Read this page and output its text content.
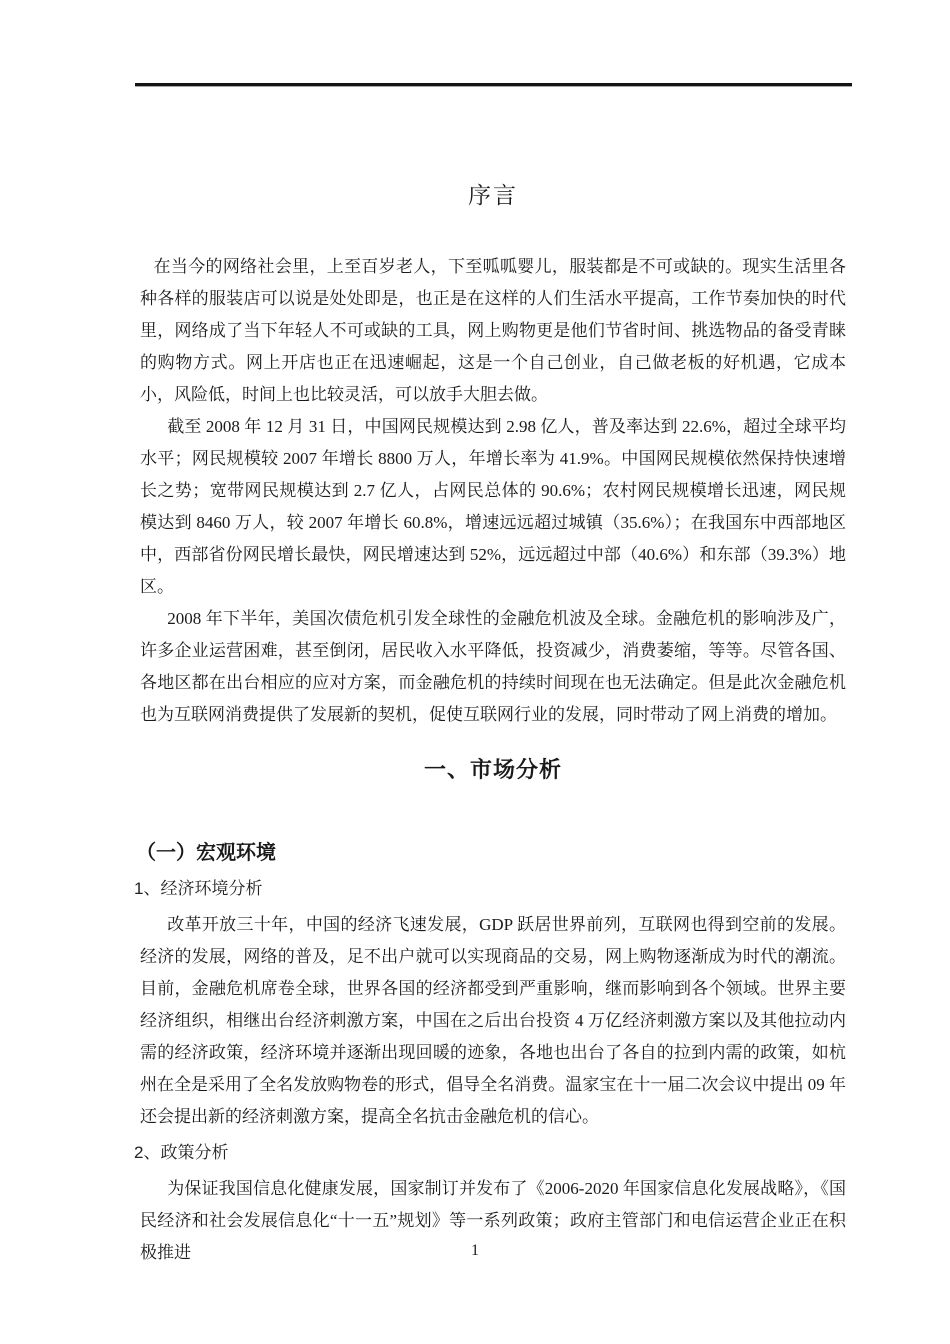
序言

在当今的网络社会里，上至百岁老人，下至呱呱婴儿，服装都是不可或缺的。现实生活里各种各样的服装店可以说是处处即是，也正是在这样的人们生活水平提高，工作节奏加快的时代里，网络成了当下年轻人不可或缺的工具，网上购物更是他们节省时间、挑选物品的备受青睐的购物方式。网上开店也正在迅速崛起，这是一个自己创业，自己做老板的好机遇，它成本小，风险低，时间上也比较灵活，可以放手大胆去做。

截至 2008 年 12 月 31 日，中国网民规模达到 2.98 亿人，普及率达到 22.6%，超过全球平均水平；网民规模较 2007 年增长 8800 万人，年增长率为 41.9%。中国网民规模依然保持快速增长之势；宽带网民规模达到 2.7 亿人，占网民总体的 90.6%；农村网民规模增长迅速，网民规模达到 8460 万人，较 2007 年增长 60.8%，增速远远超过城镇（35.6%）；在我国东中西部地区中，西部省份网民增长最快，网民增速达到 52%，远远超过中部（40.6%）和东部（39.3%）地区。

2008 年下半年，美国次债危机引发全球性的金融危机波及全球。金融危机的影响涉及广，许多企业运营困难，甚至倒闭，居民收入水平降低，投资减少，消费萎缩，等等。尽管各国、各地区都在出台相应的应对方案，而金融危机的持续时间现在也无法确定。但是此次金融危机也为互联网消费提供了发展新的契机，促使互联网行业的发展，同时带动了网上消费的增加。

一、市场分析
（一）宏观环境
1、经济环境分析

改革开放三十年，中国的经济飞速发展，GDP 跃居世界前列，互联网也得到空前的发展。经济的发展，网络的普及，足不出户就可以实现商品的交易，网上购物逐渐成为时代的潮流。目前，金融危机席卷全球，世界各国的经济都受到严重影响，继而影响到各个领域。世界主要经济组织，相继出台经济刺激方案，中国在之后出台投资 4 万亿经济刺激方案以及其他拉动内需的经济政策，经济环境并逐渐出现回暖的迹象，各地也出台了各自的拉到内需的政策，如杭州在全是采用了全名发放购物卷的形式，倡导全名消费。温家宝在十一届二次会议中提出 09 年还会提出新的经济刺激方案，提高全名抗击金融危机的信心。

2、政策分析

为保证我国信息化健康发展，国家制订并发布了《2006-2020 年国家信息化发展战略》，《国民经济和社会发展信息化“十一五”规划》等一系列政策；政府主管部门和电信运营企业正在积极推进	1
